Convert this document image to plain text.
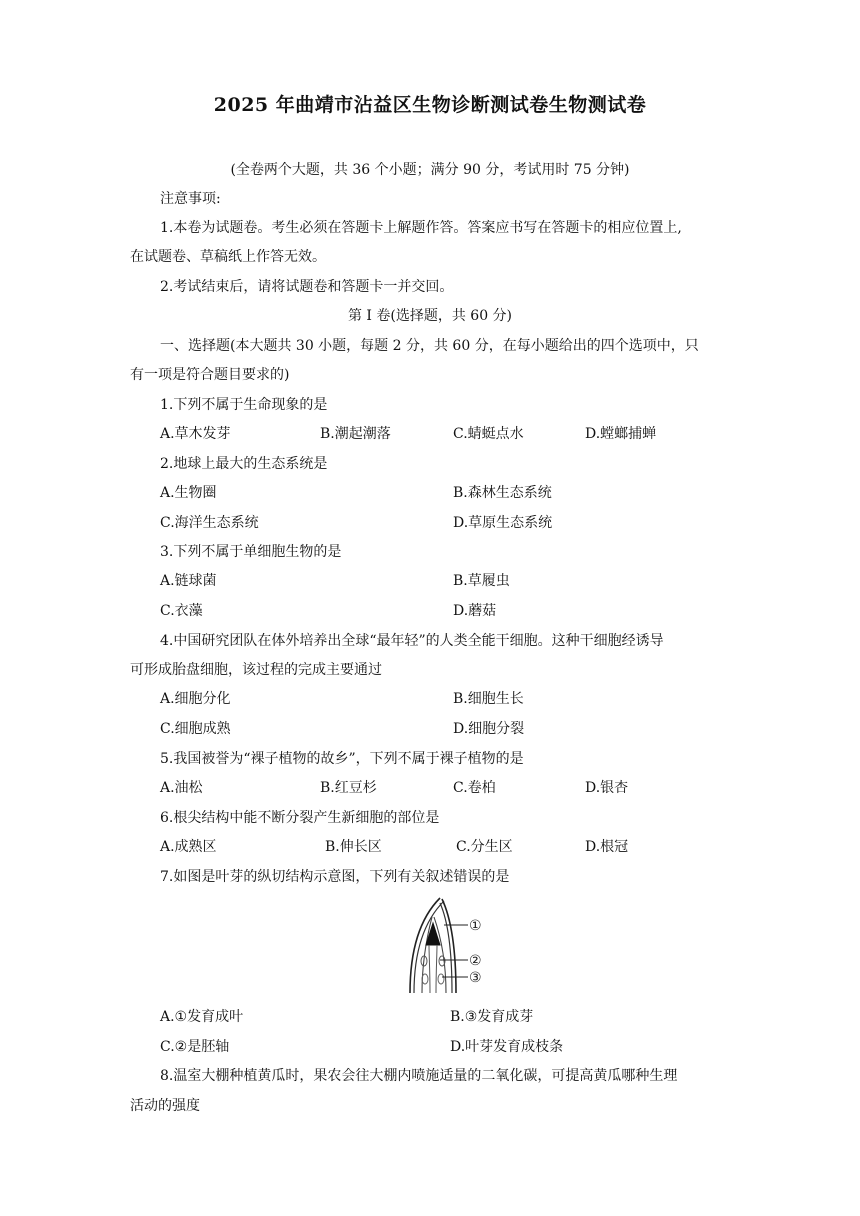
2025 年曲靖市沾益区生物诊断测试卷生物测试卷
(全卷两个大题，共 36 个小题；满分 90 分，考试用时 75 分钟)
注意事项:
1.本卷为试题卷。考生必须在答题卡上解题作答。答案应书写在答题卡的相应位置上,
在试题卷、草稿纸上作答无效。
2.考试结束后，请将试题卷和答题卡一并交回。
第 I 卷(选择题，共 60 分)
一、选择题(本大题共 30 小题，每题 2 分，共 60 分，在每小题给出的四个选项中，只
有一项是符合题目要求的)
1.下列不属于生命现象的是
A.草木发芽	B.潮起潮落	C.蜻蜓点水	D.螳螂捕蝉
2.地球上最大的生态系统是
A.生物圈	B.森林生态系统
C.海洋生态系统	D.草原生态系统
3.下列不属于单细胞生物的是
A.链球菌	B.草履虫
C.衣藻	D.蘑菇
4.中国研究团队在体外培养出全球“最年轻”的人类全能干细胞。这种干细胞经诱导
可形成胎盘细胞，该过程的完成主要通过
A.细胞分化	B.细胞生长
C.细胞成熟	D.细胞分裂
5.我国被誉为“裸子植物的故乡”，下列不属于裸子植物的是
A.油松	B.红豆杉	C.卷柏	D.银杏
6.根尖结构中能不断分裂产生新细胞的部位是
A.成熟区	B.伸长区	C.分生区	D.根冠
7.如图是叶芽的纵切结构示意图，下列有关叙述错误的是
①
②
③
A.①发育成叶	B.③发育成芽
C.②是胚轴	D.叶芽发育成枝条
8.温室大棚种植黄瓜时，果农会往大棚内喷施适量的二氧化碳，可提高黄瓜哪种生理
活动的强度
